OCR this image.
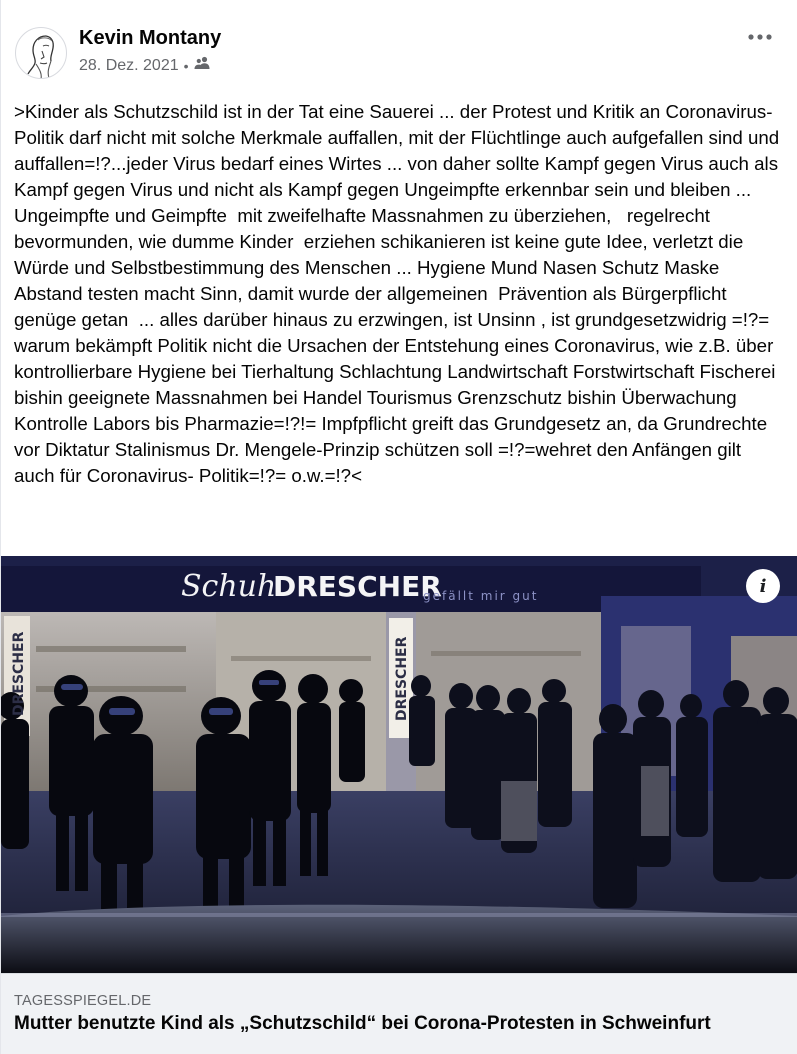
Kevin Montany
28. Dez. 2021 •
>Kinder als Schutzschild ist in der Tat eine Sauerei ... der Protest und Kritik an Coronavirus- Politik darf nicht mit solche Merkmale auffallen, mit der Flüchtlinge auch aufgefallen sind und auffallen=!?...jeder Virus bedarf eines Wirtes ... von daher sollte Kampf gegen Virus auch als Kampf gegen Virus und nicht als Kampf gegen Ungeimpfte erkennbar sein und bleiben ...  Ungeimpfte und Geimpfte  mit zweifelhafte Massnahmen zu überziehen,   regelrecht bevormunden, wie dumme Kinder  erziehen schikanieren ist keine gute Idee, verletzt die Würde und Selbstbestimmung des Menschen ... Hygiene Mund Nasen Schutz Maske Abstand testen macht Sinn, damit wurde der allgemeinen  Prävention als Bürgerpflicht genüge getan  ... alles darüber hinaus zu erzwingen, ist Unsinn , ist grundgesetzwidrig =!?= warum bekämpft Politik nicht die Ursachen der Entstehung eines Coronavirus, wie z.B. über kontrollierbare Hygiene bei Tierhaltung Schlachtung Landwirtschaft Forstwirtschaft Fischerei bishin geeignete Massnahmen bei Handel Tourismus Grenzschutz bishin Überwachung Kontrolle Labors bis Pharmazie=!?!= Impfpflicht greift das Grundgesetz an, da Grundrechte vor Diktatur Stalinismus Dr. Mengele-Prinzip schützen soll =!?=wehret den Anfängen gilt auch für Coronavirus- Politik=!?= o.w.=!?<
Schuh
DRESCHER
gefällt mir gut
DRESCHER	DRESCHER
i
TAGESSPIEGEL.DE
Mutter benutzte Kind als „Schutzschild“ bei Corona-Protesten in Schweinfurt
